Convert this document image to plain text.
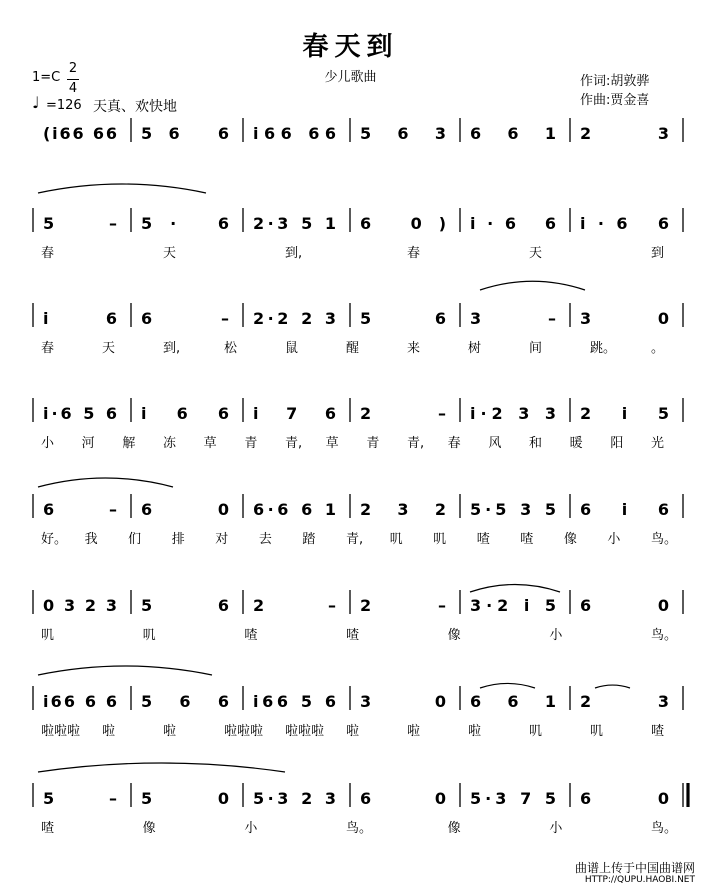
春天到
少儿歌曲
1=C
2
4
♩ =126 天真、欢快地
作词:胡敦骅
作曲:贾金喜
(i66 66 56 6 i66 66 5 6 3 6 6 1 2 3
5 – 5· 6 2·3 5 1 6 0) i·6 6 i·6 6
春	天	到,	春	天	到
i 6 6 – 2·2 2 3 5 6 3 – 3 0
春	天	到,	松	鼠	醒	来	树	间	跳。	。
i·6 5 6 i 6 6 i 7 6 2 – i·2 3 3 2 i 5
小 河 解 冻 草 青 青, 草 青 青, 春 风 和 暖 阳 光
6 – 6 0 6·6 6 1 2 3 2 5·5 3 5 6 i 6
好。 我 们 排 对 去 踏 青, 叽 叽 喳 喳 像 小 鸟。
0 3 2 3 5 6 2 – 2 – 3·2 i 5 6 0
叽	叽	喳	喳	像	小	鸟。
i66 6 6 5 6 6 i66 5 6 3 0 6 6 1 2 3
啦啦啦 啦	啦	啦啦啦 啦啦啦 啦	啦	啦	叽	叽	喳
5 – 5 0 5·3 2 3 6 0 5·3 7 5 6 0
喳	像	小	鸟。	像	小	鸟。
曲谱上传于中国曲谱网
HTTP://QUPU.HAOBI.NET
